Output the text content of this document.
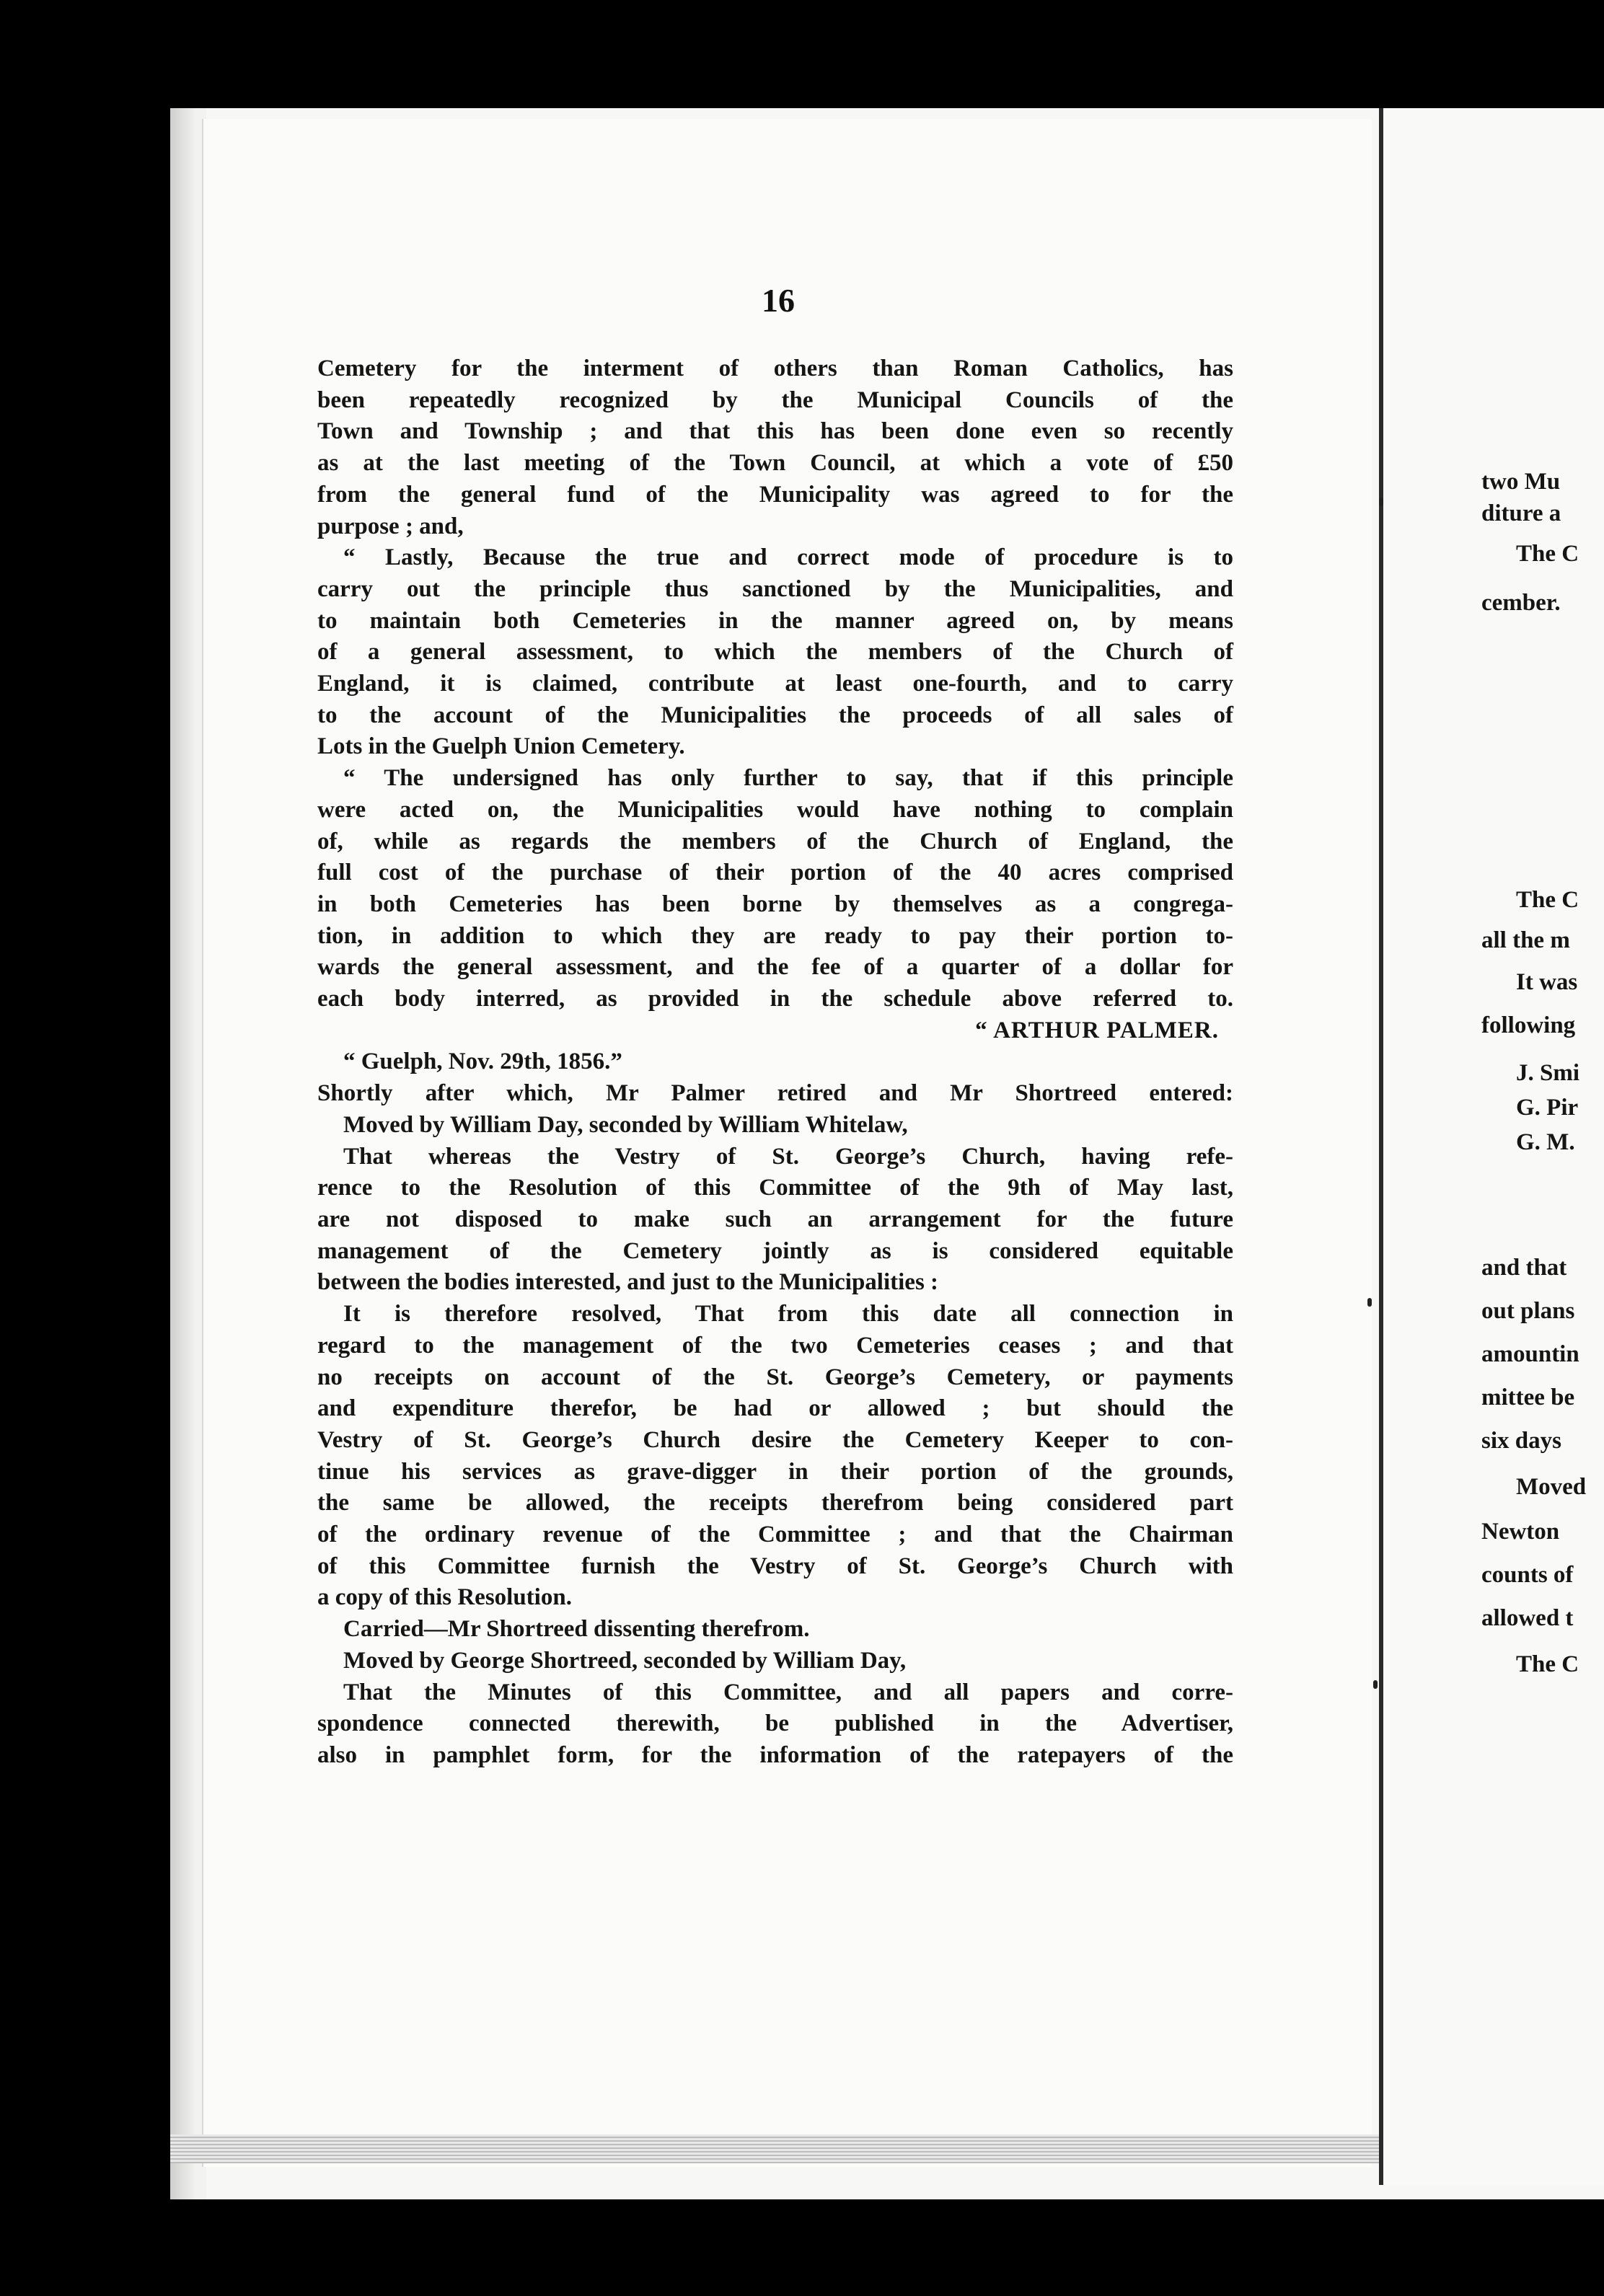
16
Cemetery for the interment of others than Roman Catholics, has
been repeatedly recognized by the Municipal Councils of the
Town and Township ; and that this has been done even so recently
as at the last meeting of the Town Council, at which a vote of £50
from the general fund of the Municipality was agreed to for the
purpose ; and,
“ Lastly, Because the true and correct mode of procedure is to
carry out the principle thus sanctioned by the Municipalities, and
to maintain both Cemeteries in the manner agreed on, by means
of a general assessment, to which the members of the Church of
England, it is claimed, contribute at least one-fourth, and to carry
to the account of the Municipalities the proceeds of all sales of
Lots in the Guelph Union Cemetery.
“ The undersigned has only further to say, that if this principle
were acted on, the Municipalities would have nothing to complain
of, while as regards the members of the Church of England, the
full cost of the purchase of their portion of the 40 acres comprised
in both Cemeteries has been borne by themselves as a congrega-
tion, in addition to which they are ready to pay their portion to-
wards the general assessment, and the fee of a quarter of a dollar for
each body interred, as provided in the schedule above referred to.
“ ARTHUR PALMER.
“ Guelph, Nov. 29th, 1856.”
Shortly after which, Mr Palmer retired and Mr Shortreed entered:
Moved by William Day, seconded by William Whitelaw,
That whereas the Vestry of St. George’s Church, having refe-
rence to the Resolution of this Committee of the 9th of May last,
are not disposed to make such an arrangement for the future
management of the Cemetery jointly as is considered equitable
between the bodies interested, and just to the Municipalities :
It is therefore resolved, That from this date all connection in
regard to the management of the two Cemeteries ceases ; and that
no receipts on account of the St. George’s Cemetery, or payments
and expenditure therefor, be had or allowed ; but should the
Vestry of St. George’s Church desire the Cemetery Keeper to con-
tinue his services as grave-digger in their portion of the grounds,
the same be allowed, the receipts therefrom being considered part
of the ordinary revenue of the Committee ; and that the Chairman
of this Committee furnish the Vestry of St. George’s Church with
a copy of this Resolution.
Carried—Mr Shortreed dissenting therefrom.
Moved by George Shortreed, seconded by William Day,
That the Minutes of this Committee, and all papers and corre-
spondence connected therewith, be published in the Advertiser,
also in pamphlet form, for the information of the ratepayers of the
two Mu
diture a
The C
cember.
The C
all the m
It was
following
J. Smi
G. Pir
G. M.
and that
out plans
amountin
mittee be
six days
Moved
Newton
counts of
allowed t
The C
